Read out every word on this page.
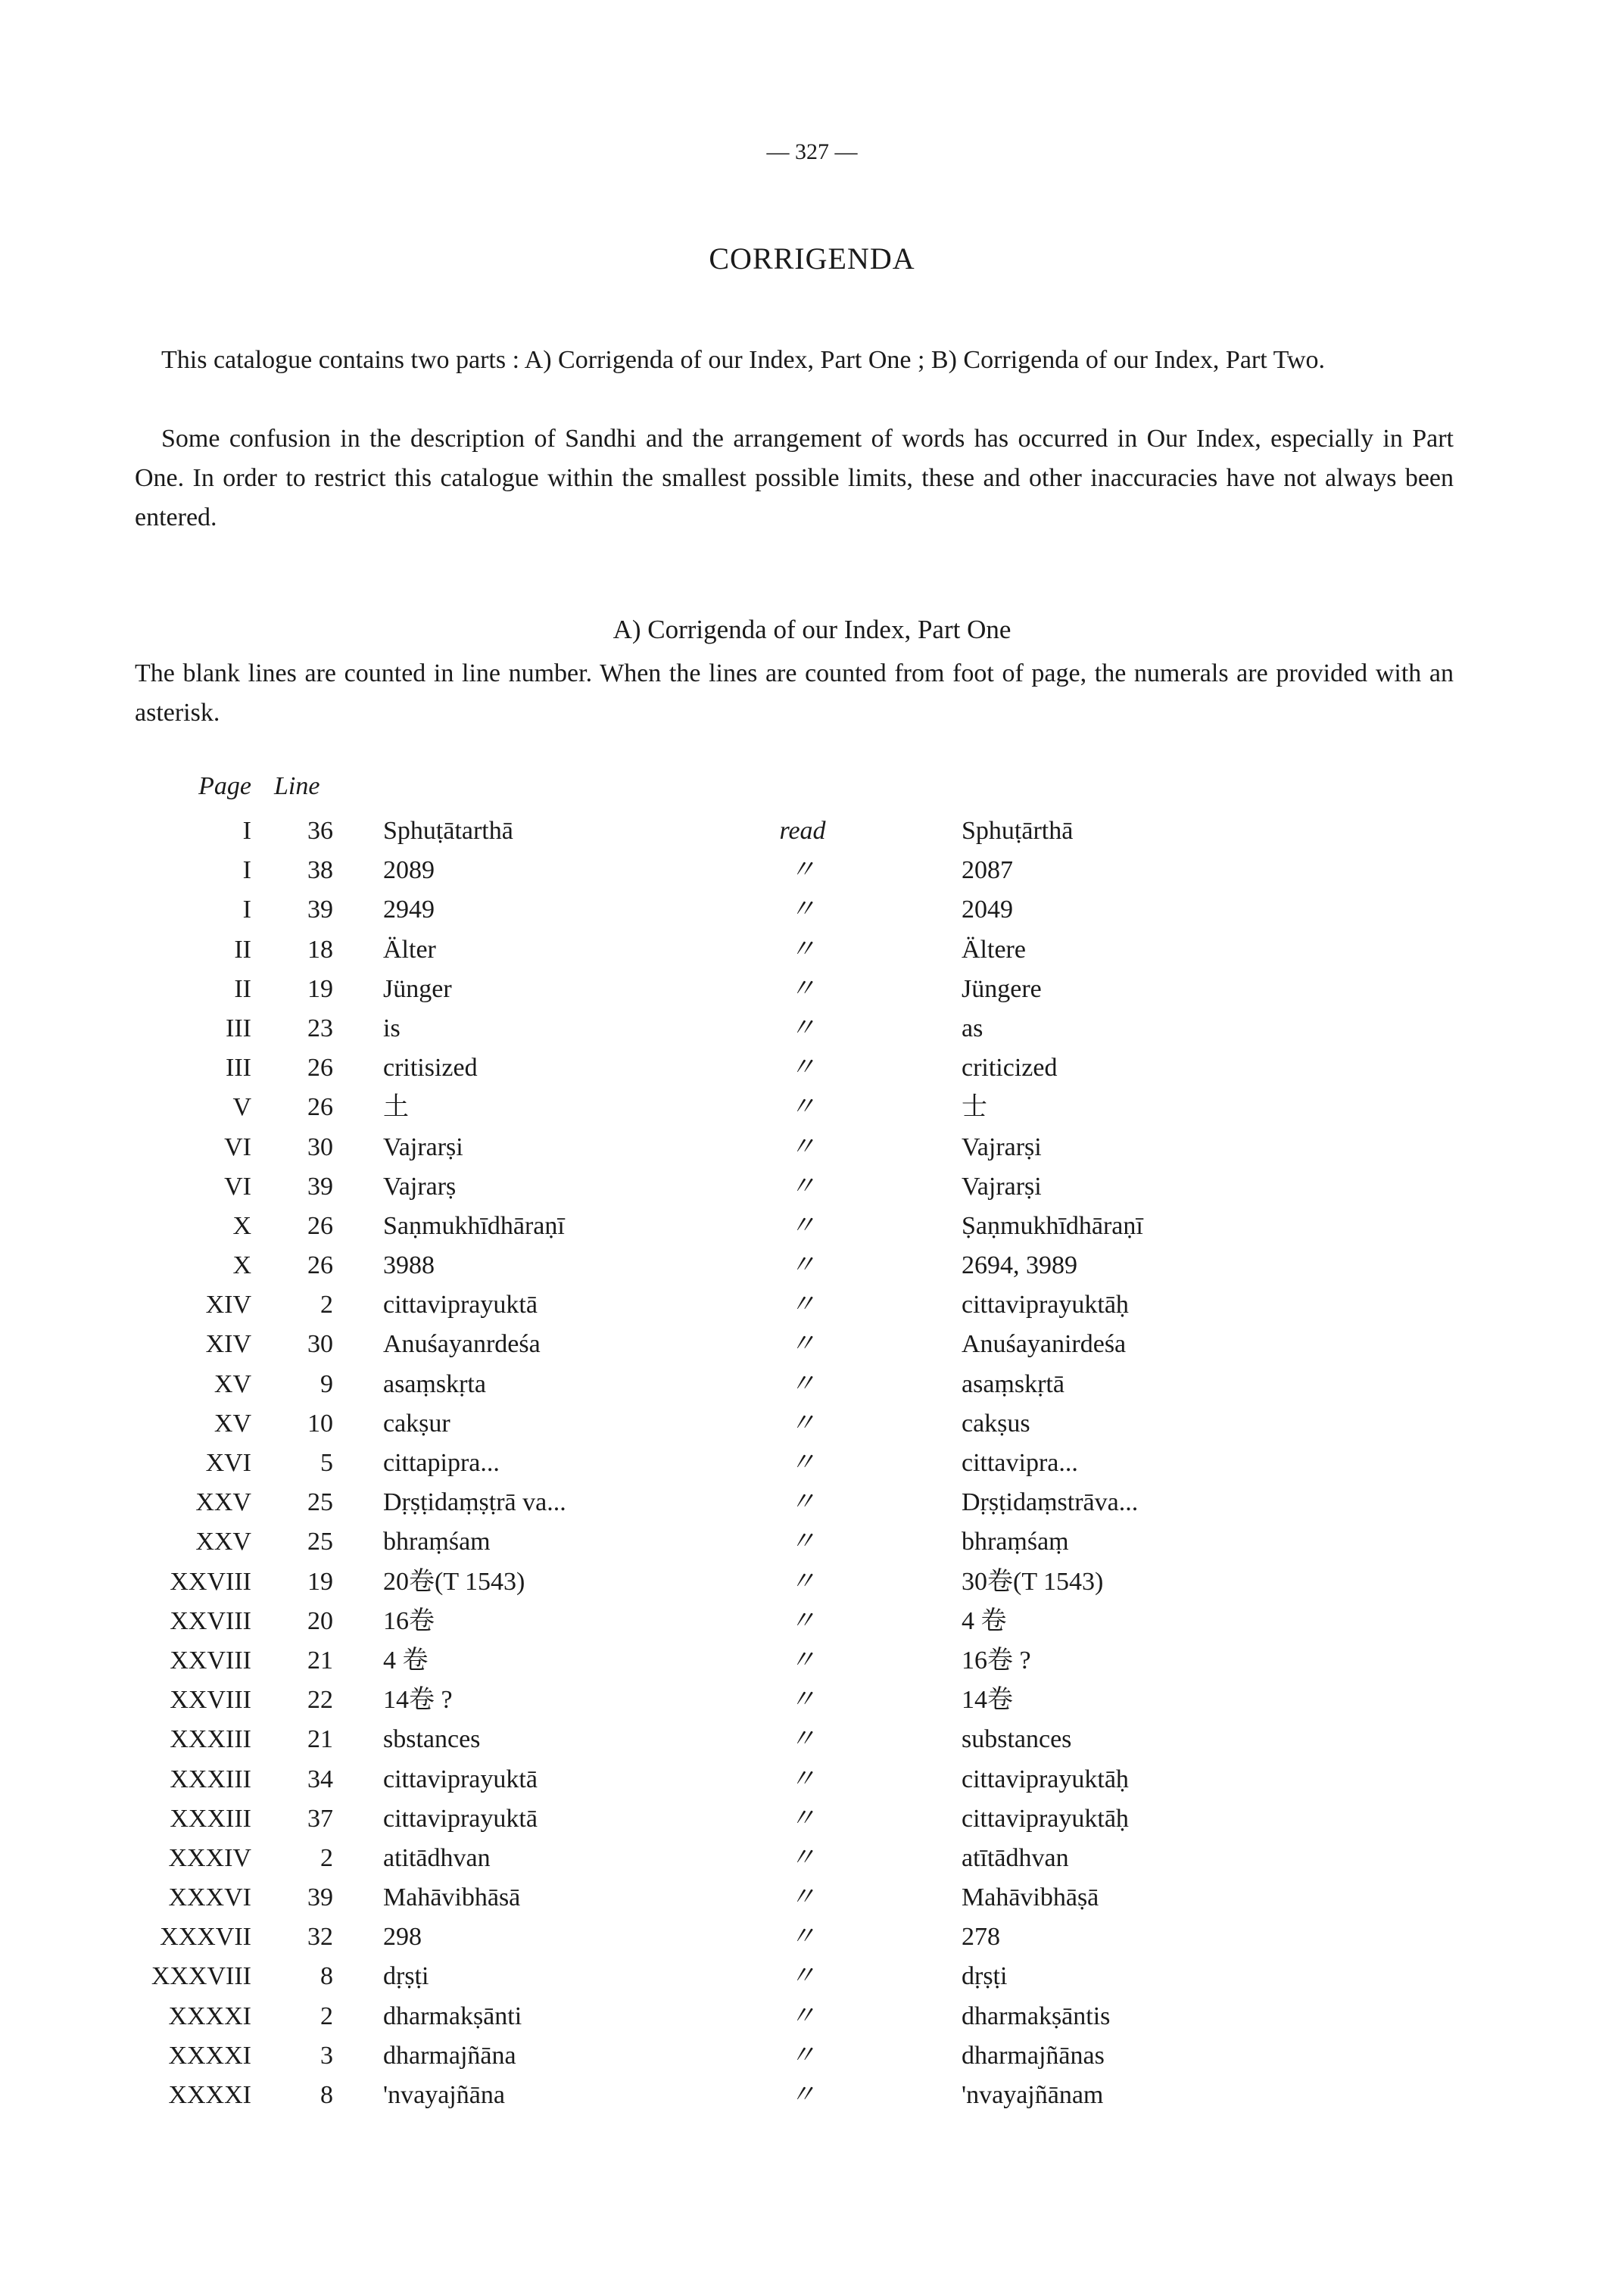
— 327 —
CORRIGENDA

This catalogue contains two parts : A) Corrigenda of our Index, Part One ; B) Corrigenda of our Index, Part Two.

Some confusion in the description of Sandhi and the arrangement of words has occurred in Our Index, especially in Part One. In order to restrict this catalogue within the smallest possible limits, these and other inaccuracies have not always been entered.

A) Corrigenda of our Index, Part One

The blank lines are counted in line number. When the lines are counted from foot of page, the numerals are provided with an asterisk.

Page Line
I 36 Sphuṭātarthā	read	Sphuṭārthā
I 38 2089	〃	2087
I 39 2949	〃	2049
II 18 Älter	〃	Ältere
II 19 Jünger	〃	Jüngere
III 23 is	〃	as
III 26 critisized	〃	criticized
V 26 土	〃	士
VI 30 Vajrarṣi	〃	Vajrarṣi
VI 39 Vajrarṣ	〃	Vajrarṣi
X 26 Saṇmukhīdhāraṇī	〃	Ṣaṇmukhīdhāraṇī
X 26 3988	〃	2694, 3989
XIV	2 cittaviprayuktā	〃	cittaviprayuktāḥ
XIV 30 Anuśayanrdeśa	〃	Anuśayanirdeśa
XV	9 asaṃskṛta	〃	asaṃskṛtā
XV 10 cakṣur	〃	cakṣus
XVI	5 cittapipra...	〃	cittavipra...
XXV 25 Dṛṣṭidaṃṣṭrā va...	〃	Dṛṣṭidaṃstrāva...
XXV 25 bhraṃśam	〃	bhraṃśaṃ
XXVIII 19 20卷(T 1543)	〃	30卷(T 1543)
XXVIII 20 16卷	〃	4 卷
XXVIII 21 4 卷	〃	16卷 ?
XXVIII 22 14卷 ?	〃	14卷
XXXIII 21 sbstances	〃	substances
XXXIII 34 cittaviprayuktā	〃	cittaviprayuktāḥ
XXXIII 37 cittaviprayuktā	〃	cittaviprayuktāḥ
XXXIV	2 atitādhvan	〃	atītādhvan
XXXVI 39 Mahāvibhāsā	〃	Mahāvibhāṣā
XXXVII 32 298	〃	278
XXXVIII	8 dṛṣṭi	〃	dṛṣṭi
XXXXI	2 dharmakṣānti	〃	dharmakṣāntis
XXXXI	3 dharmajñāna	〃	dharmajñānas
XXXXI	8 'nvayajñāna	〃	'nvayajñānam
